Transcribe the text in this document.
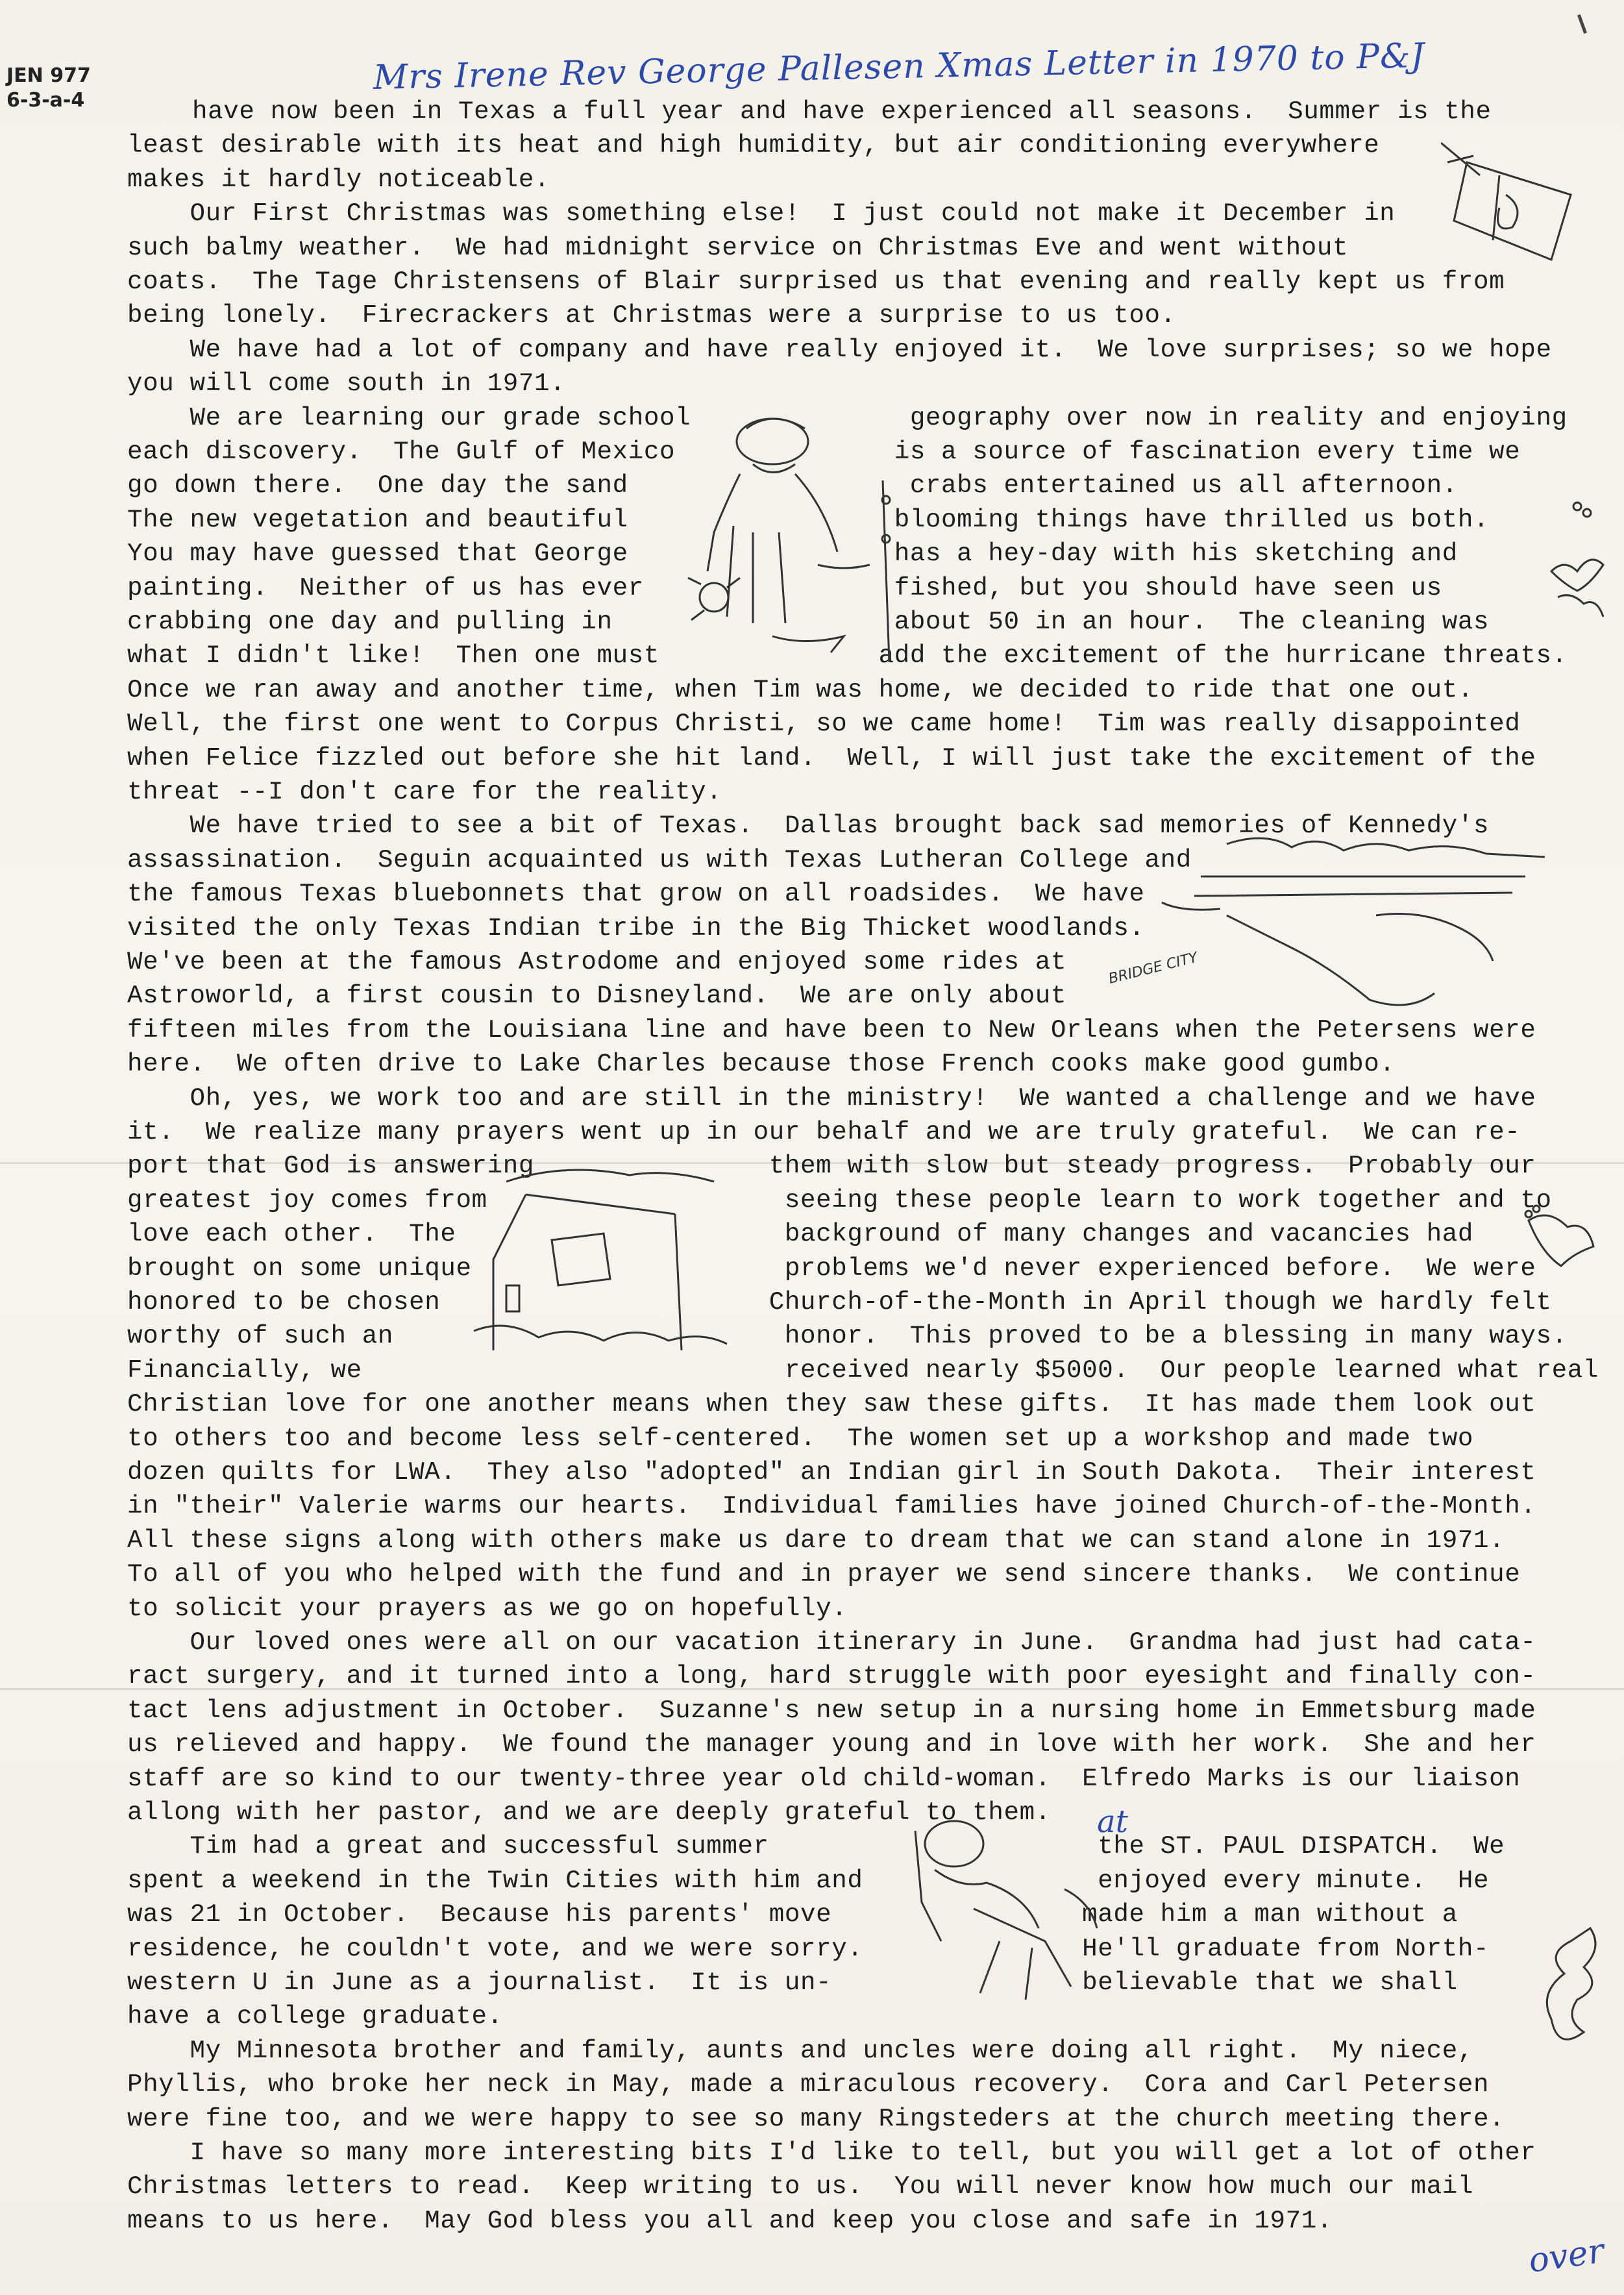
JEN 977
6-3-a-4
Mrs Irene Rev George Pallesen Xmas Letter in 1970 to P&J

have now been in Texas a full year and have experienced all seasons.  Summer is the

least desirable with its heat and high humidity, but air conditioning everywhere

makes it hardly noticeable.

Our First Christmas was something else!  I just could not make it December in

such balmy weather.  We had midnight service on Christmas Eve and went without

coats.  The Tage Christensens of Blair surprised us that evening and really kept us from

being lonely.  Firecrackers at Christmas were a surprise to us too.

We have had a lot of company and have really enjoyed it.  We love surprises; so we hope

you will come south in 1971.

We are learning our grade school              geography over now in reality and enjoying

each discovery.  The Gulf of Mexico              is a source of fascination every time we

go down there.  One day the sand                  crabs entertained us all afternoon.

The new vegetation and beautiful                 blooming things have thrilled us both.

You may have guessed that George                 has a hey-day with his sketching and

painting.  Neither of us has ever                fished, but you should have seen us

crabbing one day and pulling in                  about 50 in an hour.  The cleaning was

what I didn't like!  Then one must              add the excitement of the hurricane threats.

Once we ran away and another time, when Tim was home, we decided to ride that one out.

Well, the first one went to Corpus Christi, so we came home!  Tim was really disappointed

when Felice fizzled out before she hit land.  Well, I will just take the excitement of the

threat --I don't care for the reality.

We have tried to see a bit of Texas.  Dallas brought back sad memories of Kennedy's

assassination.  Seguin acquainted us with Texas Lutheran College and

the famous Texas bluebonnets that grow on all roadsides.  We have

visited the only Texas Indian tribe in the Big Thicket woodlands.

We've been at the famous Astrodome and enjoyed some rides at

Astroworld, a first cousin to Disneyland.  We are only about

fifteen miles from the Louisiana line and have been to New Orleans when the Petersens were

here.  We often drive to Lake Charles because those French cooks make good gumbo.

Oh, yes, we work too and are still in the ministry!  We wanted a challenge and we have

it.  We realize many prayers went up in our behalf and we are truly grateful.  We can re-

port that God is answering               them with slow but steady progress.  Probably our

greatest joy comes from                   seeing these people learn to work together and to

love each other.  The                     background of many changes and vacancies had

brought on some unique                    problems we'd never experienced before.  We were

honored to be chosen                     Church-of-the-Month in April though we hardly felt

worthy of such an                         honor.  This proved to be a blessing in many ways.

Financially, we                           received nearly $5000.  Our people learned what real

Christian love for one another means when they saw these gifts.  It has made them look out

to others too and become less self-centered.  The women set up a workshop and made two

dozen quilts for LWA.  They also "adopted" an Indian girl in South Dakota.  Their interest

in "their" Valerie warms our hearts.  Individual families have joined Church-of-the-Month.

All these signs along with others make us dare to dream that we can stand alone in 1971.

To all of you who helped with the fund and in prayer we send sincere thanks.  We continue

to solicit your prayers as we go on hopefully.

Our loved ones were all on our vacation itinerary in June.  Grandma had just had cata-

ract surgery, and it turned into a long, hard struggle with poor eyesight and finally con-

tact lens adjustment in October.  Suzanne's new setup in a nursing home in Emmetsburg made

us relieved and happy.  We found the manager young and in love with her work.  She and her

staff are so kind to our twenty-three year old child-woman.  Elfredo Marks is our liaison

allong with her pastor, and we are deeply grateful to them.

Tim had a great and successful summer                     the ST. PAUL DISPATCH.  We

spent a weekend in the Twin Cities with him and               enjoyed every minute.  He

was 21 in October.  Because his parents' move                made him a man without a

residence, he couldn't vote, and we were sorry.              He'll graduate from North-

western U in June as a journalist.  It is un-                believable that we shall

have a college graduate.

My Minnesota brother and family, aunts and uncles were doing all right.  My niece,

Phyllis, who broke her neck in May, made a miraculous recovery.  Cora and Carl Petersen

were fine too, and we were happy to see so many Ringsteders at the church meeting there.

I have so many more interesting bits I'd like to tell, but you will get a lot of other

Christmas letters to read.  Keep writing to us.  You will never know how much our mail

means to us here.  May God bless you all and keep you close and safe in 1971.

BRIDGE CITY
at
over
